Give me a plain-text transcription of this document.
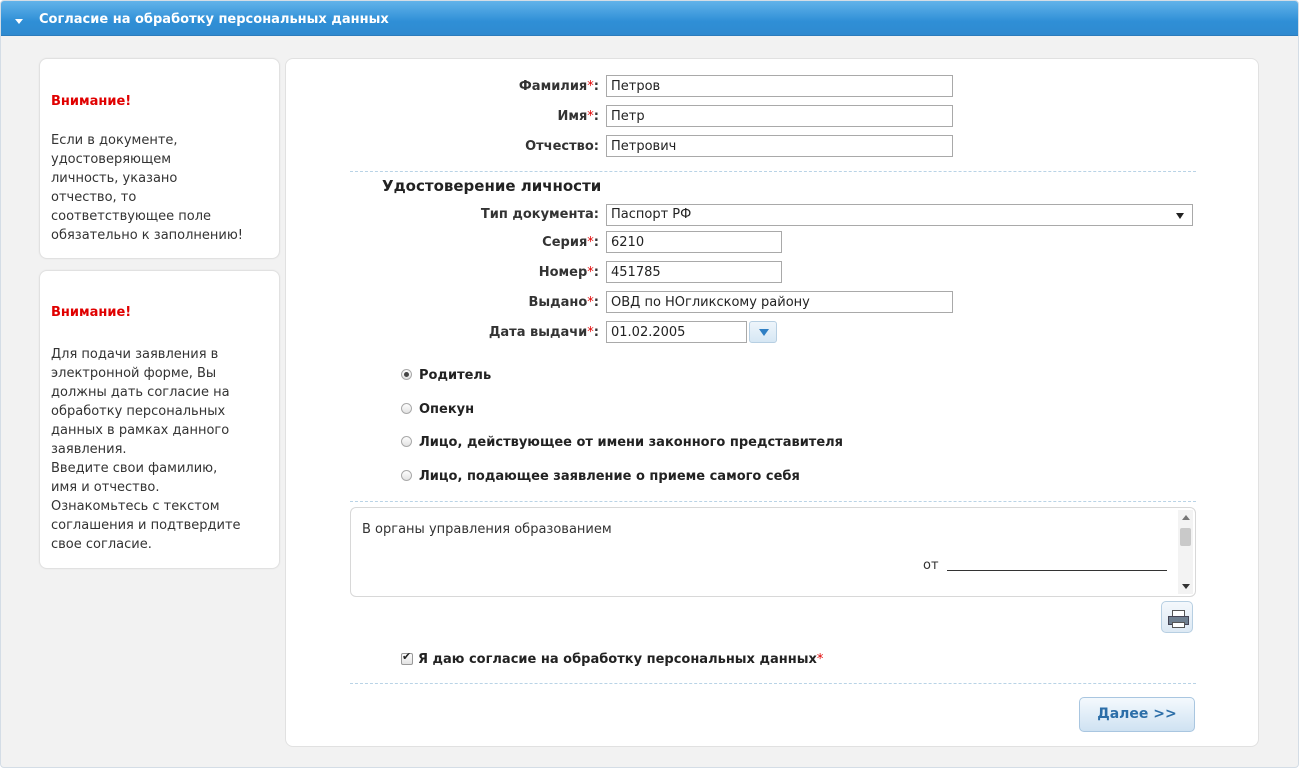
Согласие на обработку персональных данных
Внимание!
Если в документе,
удостоверяющем
личность, указано
отчество, то
соответствующее поле
обязательно к заполнению!
Внимание!
Для подачи заявления в
электронной форме, Вы
должны дать согласие на
обработку персональных
данных в рамках данного
заявления.
Введите свои фамилию,
имя и отчество.
Ознакомьтесь с текстом
соглашения и подтвердите
свое согласие.
Фамилия*:
Петров
Имя*:
Петр
Отчество:
Петрович
Удостоверение личности
Тип документа: Паспорт РФ
Серия*:
6210
Номер*:
451785
Выдано*:
ОВД по НОгликскому району
Дата выдачи*:
01.02.2005
Родитель
Опекун
Лицо, действующее от имени законного представителя
Лицо, подающее заявление о приеме самого себя
В органы управления образованием
от
✔ Я даю согласие на обработку персональных данных*
Далее >>
